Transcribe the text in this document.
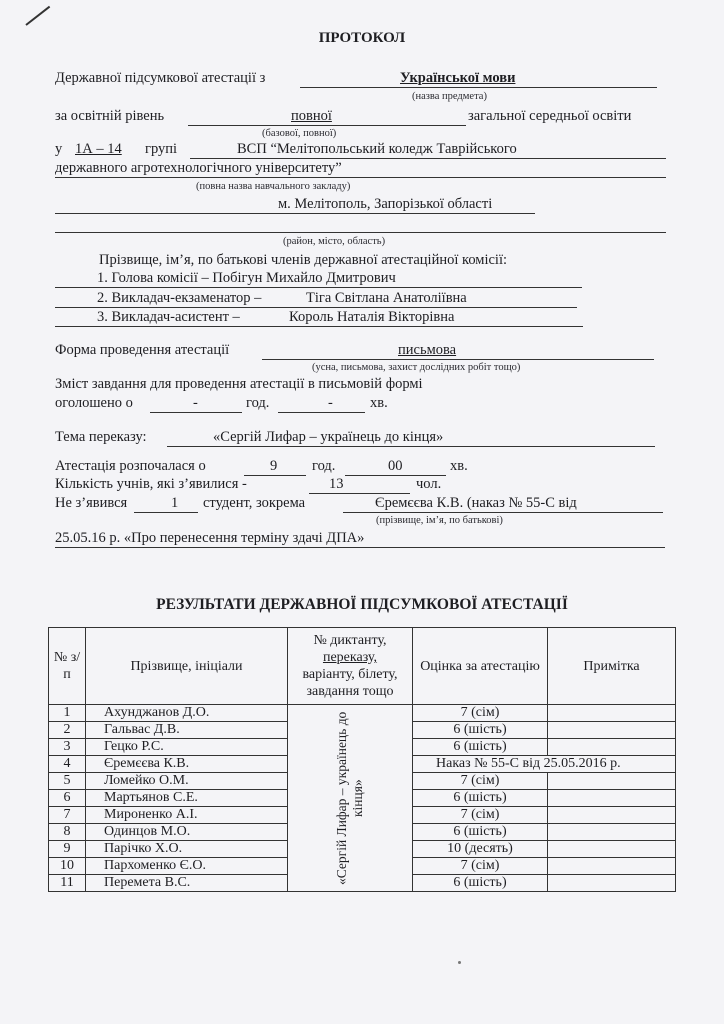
ПРОТОКОЛ
Державної підсумкової атестації з	Української мови
(назва предмета)
за освітній рівень	повної	загальної середньої освіти
(базової, повної)
у 1А – 14 групі	ВСП “Мелітопольський коледж Таврійського
державного агротехнологічного університету”
(повна назва навчального закладу)
м. Мелітополь, Запорізької області
(район, місто, область)
Прізвище, ім’я, по батькові членів державної атестаційної комісії:
1. Голова комісії – Побігун Михайло Дмитрович
2. Викладач-екзаменатор –	Тіга Світлана Анатоліївна
3. Викладач-асистент –	Король Наталія Вікторівна
Форма проведення атестації	письмова
(усна, письмова, захист дослідних робіт тощо)
Зміст завдання для проведення атестації в письмовій формі
оголошено о	-	год.	-	хв.
Тема переказу:	«Сергій Лифар – українець до кінця»
Атестація розпочалася о	9 год.	00	хв.
Кількість учнів, які з’явилися -	13	чол.
Не з’явився	1 студент, зокрема	Єремєєва К.В. (наказ № 55-С від
(прізвище, ім’я, по батькові)
25.05.16 р. «Про перенесення терміну здачі ДПА»
РЕЗУЛЬТАТИ ДЕРЖАВНОЇ ПІДСУМКОВОЇ АТЕСТАЦІЇ
№ з/п	Прізвище, ініціали	№ диктанту,
переказу,
варіанту, білету, завдання тощо	Оцінка за атестацію	Примітка
1	Ахунджанов Д.О.	«Сергій Лифар – українець до кінця»	7 (сім)	
2	Гальвас Д.В.		6 (шість)	
3	Гецко Р.С.		6 (шість)	
4	Єремєєва К.В.		Наказ № 55-С від 25.05.2016 р.	
5	Ломейко О.М.		7 (сім)	
6	Мартьянов С.Е.		6 (шість)	
7	Мироненко А.І.		7 (сім)	
8	Одинцов М.О.		6 (шість)	
9	Парічко Х.О.		10 (десять)	
10	Пархоменко Є.О.		7 (сім)	
11	Перемета В.С.		6 (шість)	
